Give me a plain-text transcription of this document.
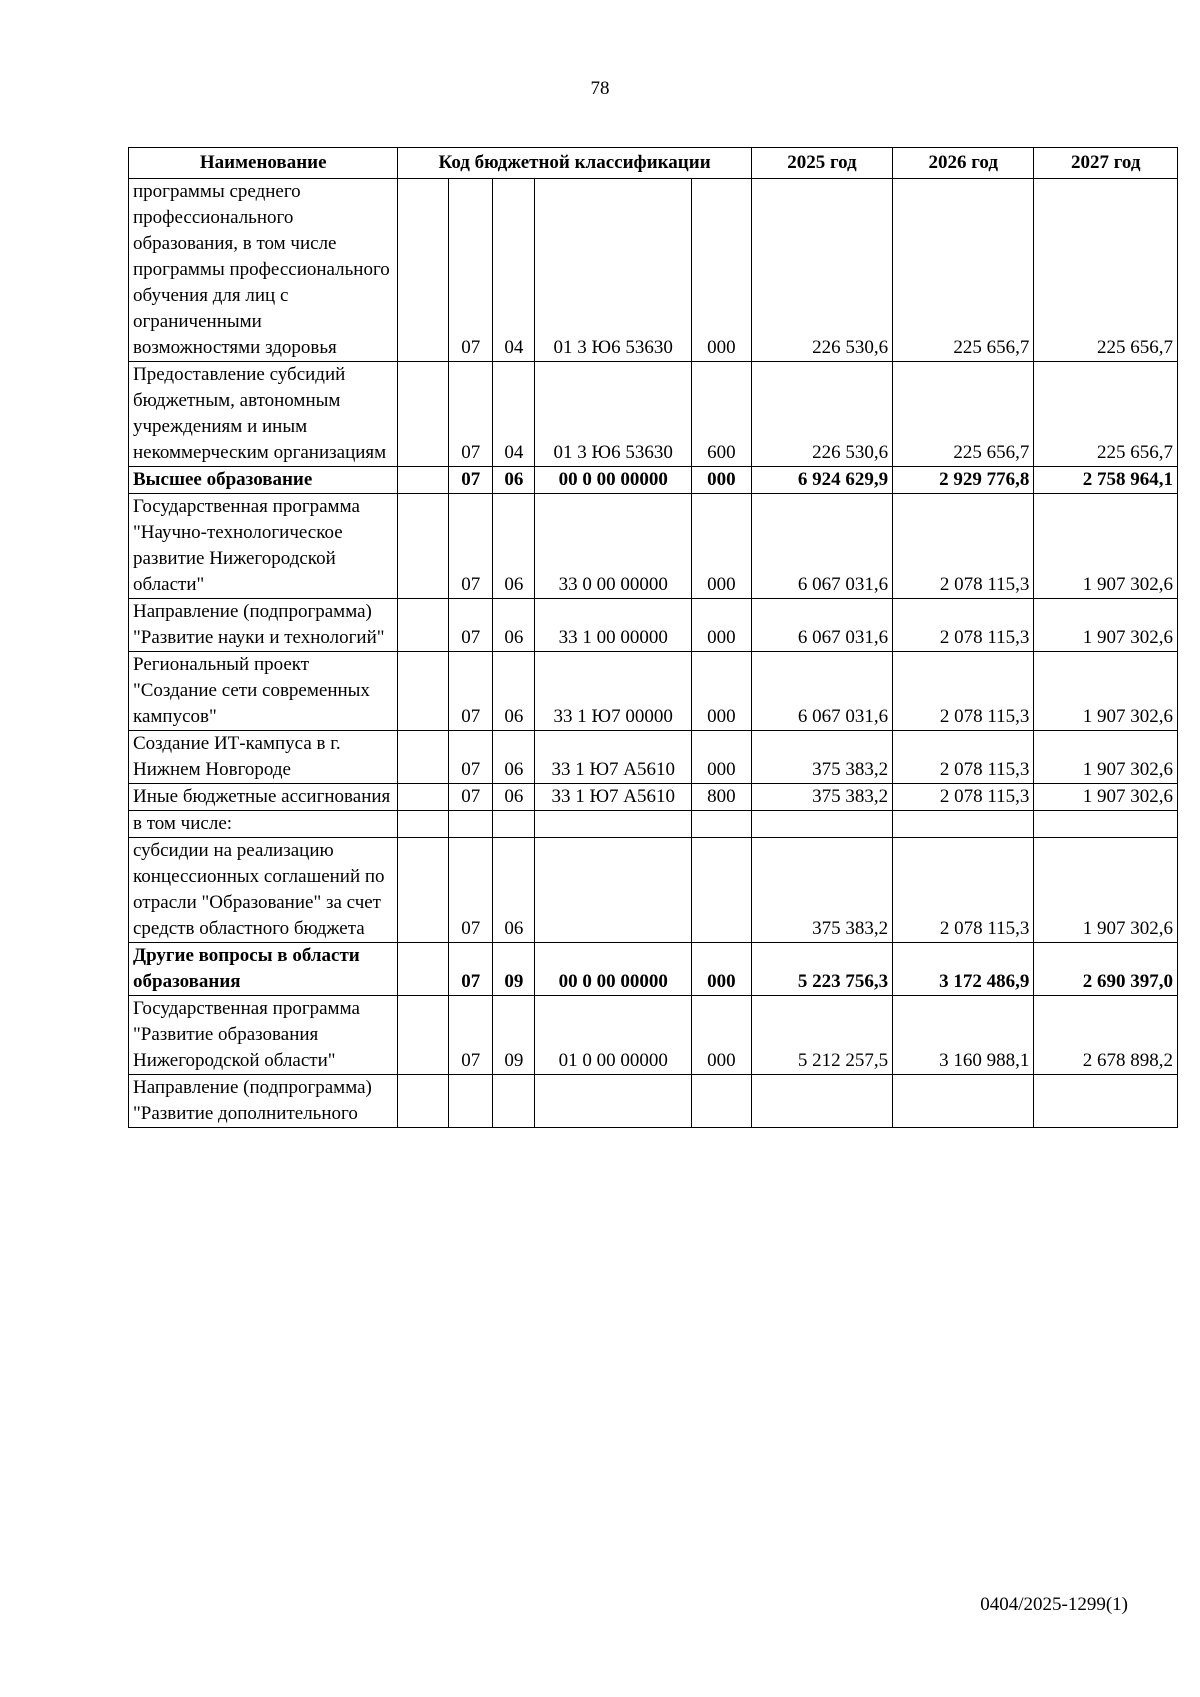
78
Наименование	Код бюджетной классификации					2025 год	2026 год	2027 год
программы среднего профессионального образования, в том числе программы профессионального обучения для лиц с ограниченными возможностями здоровья		07	04	01 3 Ю6 53630	000	226 530,6	225 656,7	225 656,7
Предоставление субсидий бюджетным, автономным учреждениям и иным некоммерческим организациям		07	04	01 3 Ю6 53630	600	226 530,6	225 656,7	225 656,7
Высшее образование		07	06	00 0 00 00000	000	6 924 629,9	2 929 776,8	2 758 964,1
Государственная программа "Научно-технологическое развитие Нижегородской области"		07	06	33 0 00 00000	000	6 067 031,6	2 078 115,3	1 907 302,6
Направление (подпрограмма) "Развитие науки и технологий"		07	06	33 1 00 00000	000	6 067 031,6	2 078 115,3	1 907 302,6
Региональный проект "Создание сети современных кампусов"		07	06	33 1 Ю7 00000	000	6 067 031,6	2 078 115,3	1 907 302,6
Создание ИТ-кампуса в г. Нижнем Новгороде		07	06	33 1 Ю7 А5610	000	375 383,2	2 078 115,3	1 907 302,6
Иные бюджетные ассигнования		07	06	33 1 Ю7 А5610	800	375 383,2	2 078 115,3	1 907 302,6
в том числе:								
субсидии на реализацию концессионных соглашений по отрасли "Образование" за счет средств областного бюджета		07	06			375 383,2	2 078 115,3	1 907 302,6
Другие вопросы в области образования		07	09	00 0 00 00000	000	5 223 756,3	3 172 486,9	2 690 397,0
Государственная программа "Развитие образования Нижегородской области"		07	09	01 0 00 00000	000	5 212 257,5	3 160 988,1	2 678 898,2
Направление (подпрограмма) "Развитие дополнительного								
0404/2025-1299(1)
